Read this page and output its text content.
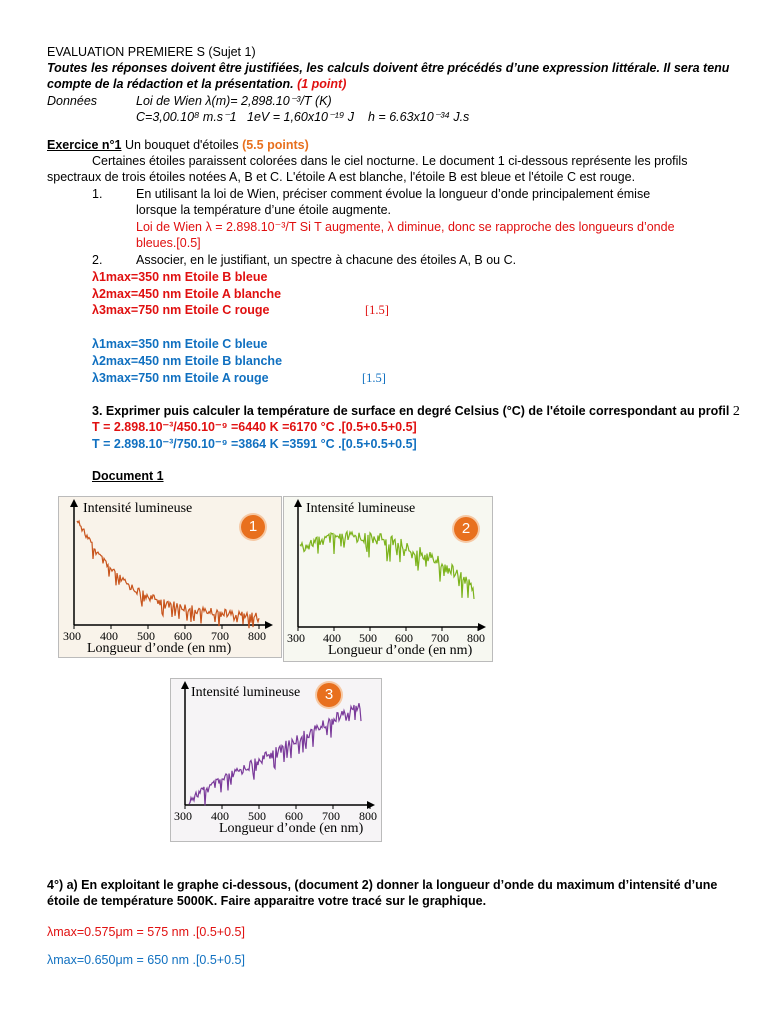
EVALUATION PREMIERE S (Sujet 1)
Toutes les réponses doivent être justifiées, les calculs doivent être précédés d’une expression littérale. Il sera tenu
compte de la rédaction et la présentation. (1 point)
Données	Loi de Wien λ(m)= 2,898.10⁻³/T (K)
C=3,00.10⁸ m.s⁻1 1eV = 1,60x10⁻¹⁹ J h = 6.63x10⁻³⁴ J.s
Exercice n°1 Un bouquet d'étoiles (5.5 points)
Certaines étoiles paraissent colorées dans le ciel nocturne. Le document 1 ci-dessous représente les profils
spectraux de trois étoiles notées A, B et C. L'étoile A est blanche, l'étoile B est bleue et l'étoile C est rouge.
1.	En utilisant la loi de Wien, préciser comment évolue la longueur d’onde principalement émise
lorsque la température d’une étoile augmente.
Loi de Wien λ = 2.898.10⁻³/T Si T augmente, λ diminue, donc se rapproche des longueurs d’onde
bleues.[0.5]
2.	Associer, en le justifiant, un spectre à chacune des étoiles A, B ou C.
λ1max=350 nm Etoile B bleue
λ2max=450 nm Etoile A blanche
λ3max=750 nm Etoile C rouge	[1.5]
λ1max=350 nm Etoile C bleue
λ2max=450 nm Etoile B blanche
λ3max=750 nm Etoile A rouge	[1.5]
3. Exprimer puis calculer la température de surface en degré Celsius (°C) de l'étoile correspondant au profil 2
T = 2.898.10⁻³/450.10⁻⁹ =6440 K =6170 °C .[0.5+0.5+0.5]
T = 2.898.10⁻³/750.10⁻⁹ =3864 K =3591 °C .[0.5+0.5+0.5]
Document 1
Intensité lumineuse
1
300 400 500 600 700 800
Longueur d’onde (en nm)
Intensité lumineuse
2
300 400 500 600 700 800
Longueur d’onde (en nm)
Intensité lumineuse	3
300 400 500 600 700 800
Longueur d’onde (en nm)
4°) a) En exploitant le graphe ci-dessous, (document 2) donner la longueur d’onde du maximum d’intensité d’une
étoile de température 5000K. Faire apparaitre votre tracé sur le graphique.
λmax=0.575μm = 575 nm .[0.5+0.5]
λmax=0.650μm = 650 nm .[0.5+0.5]
